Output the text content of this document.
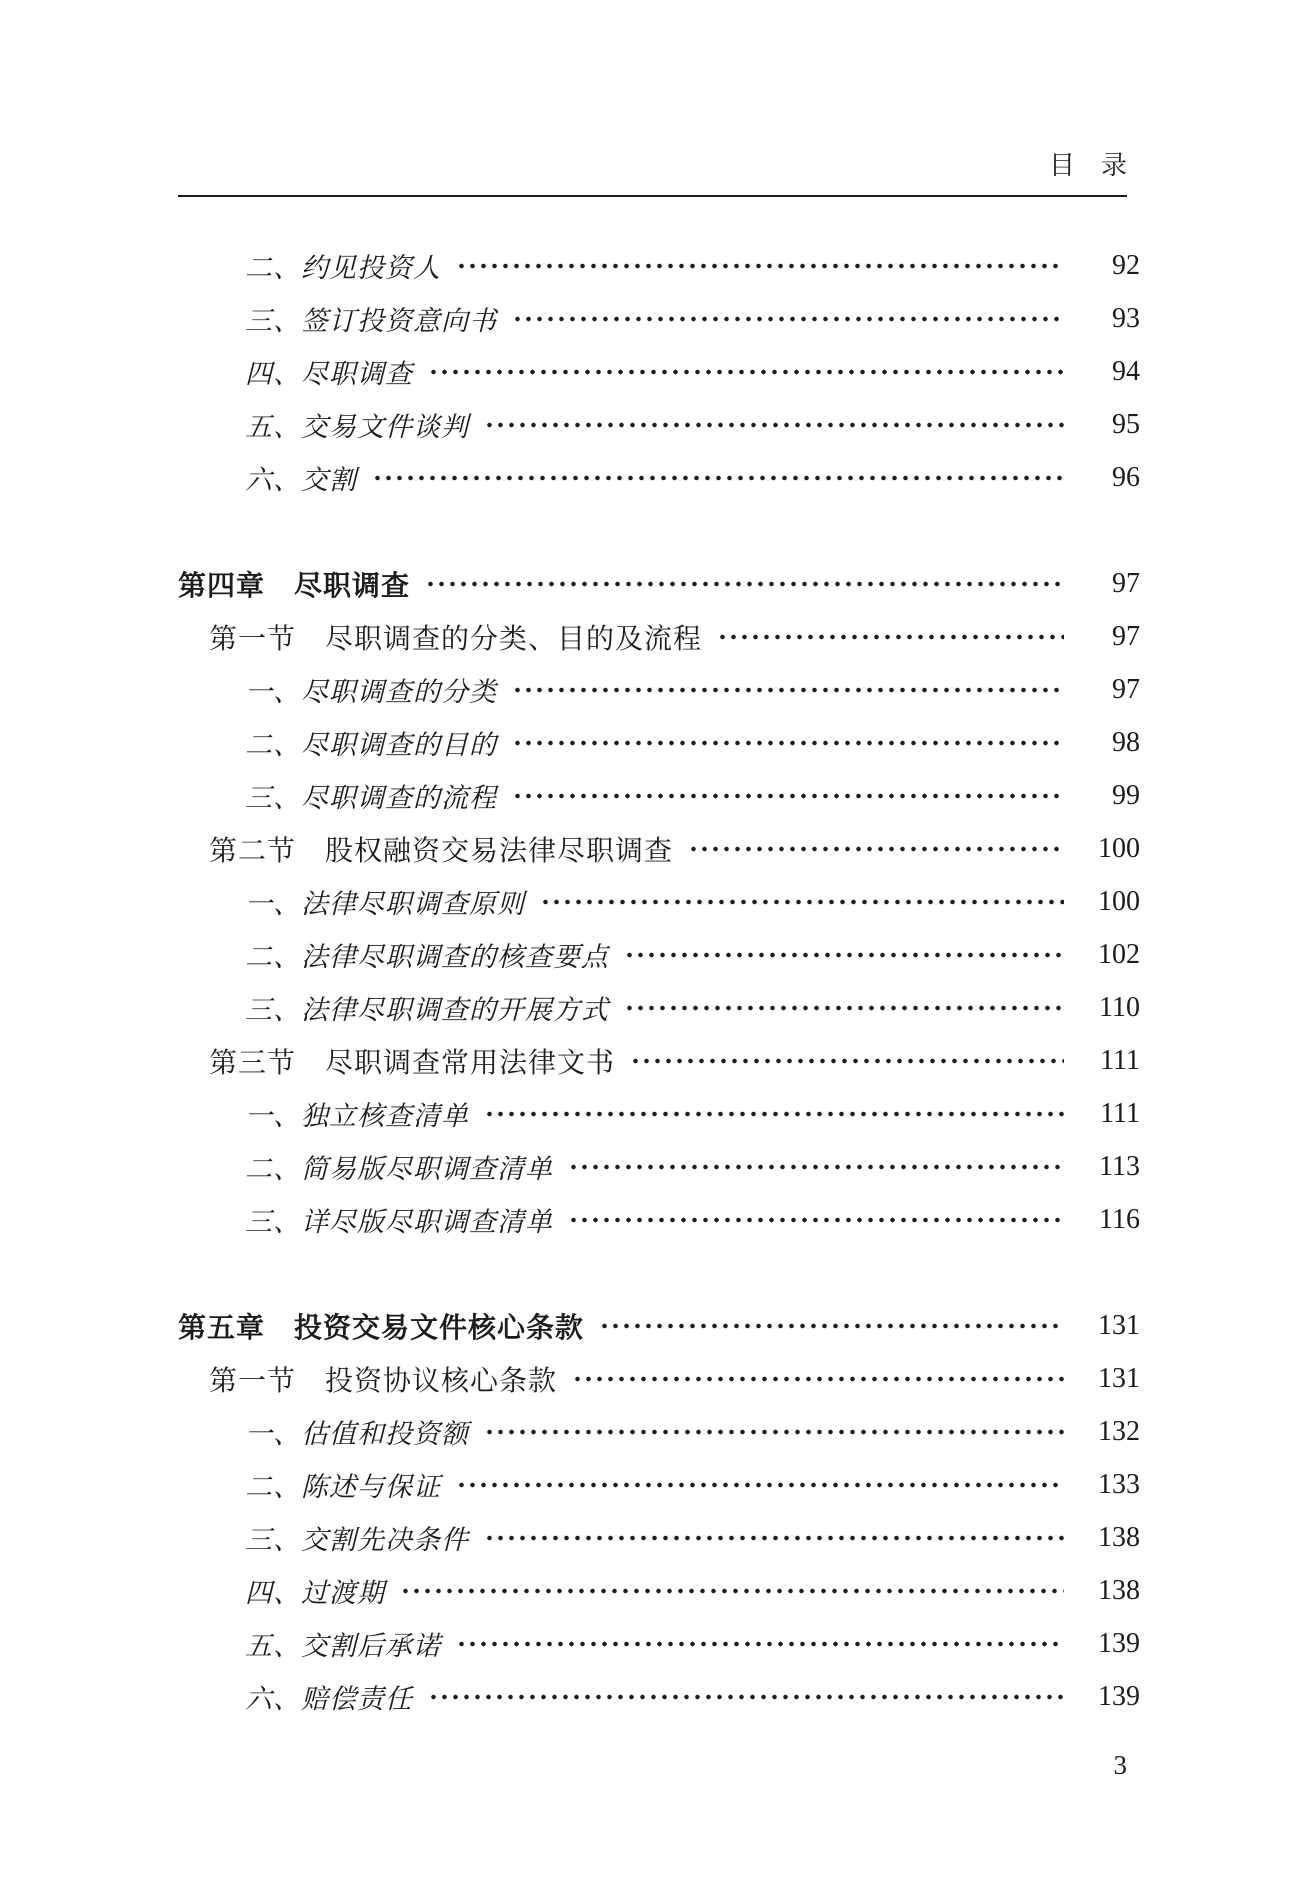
目　录
二、约见投资人	92
三、签订投资意向书	93
四、尽职调查	94
五、交易文件谈判	95
六、交割	96
第四章　尽职调查	97
第一节　尽职调查的分类、目的及流程	97
一、尽职调查的分类	97
二、尽职调查的目的	98
三、尽职调查的流程	99
第二节　股权融资交易法律尽职调查	100
一、法律尽职调查原则	100
二、法律尽职调查的核查要点	102
三、法律尽职调查的开展方式	110
第三节　尽职调查常用法律文书	111
一、独立核查清单	111
二、简易版尽职调查清单	113
三、详尽版尽职调查清单	116
第五章　投资交易文件核心条款	131
第一节　投资协议核心条款	131
一、估值和投资额	132
二、陈述与保证	133
三、交割先决条件	138
四、过渡期	138
五、交割后承诺	139
六、赔偿责任	139
3
